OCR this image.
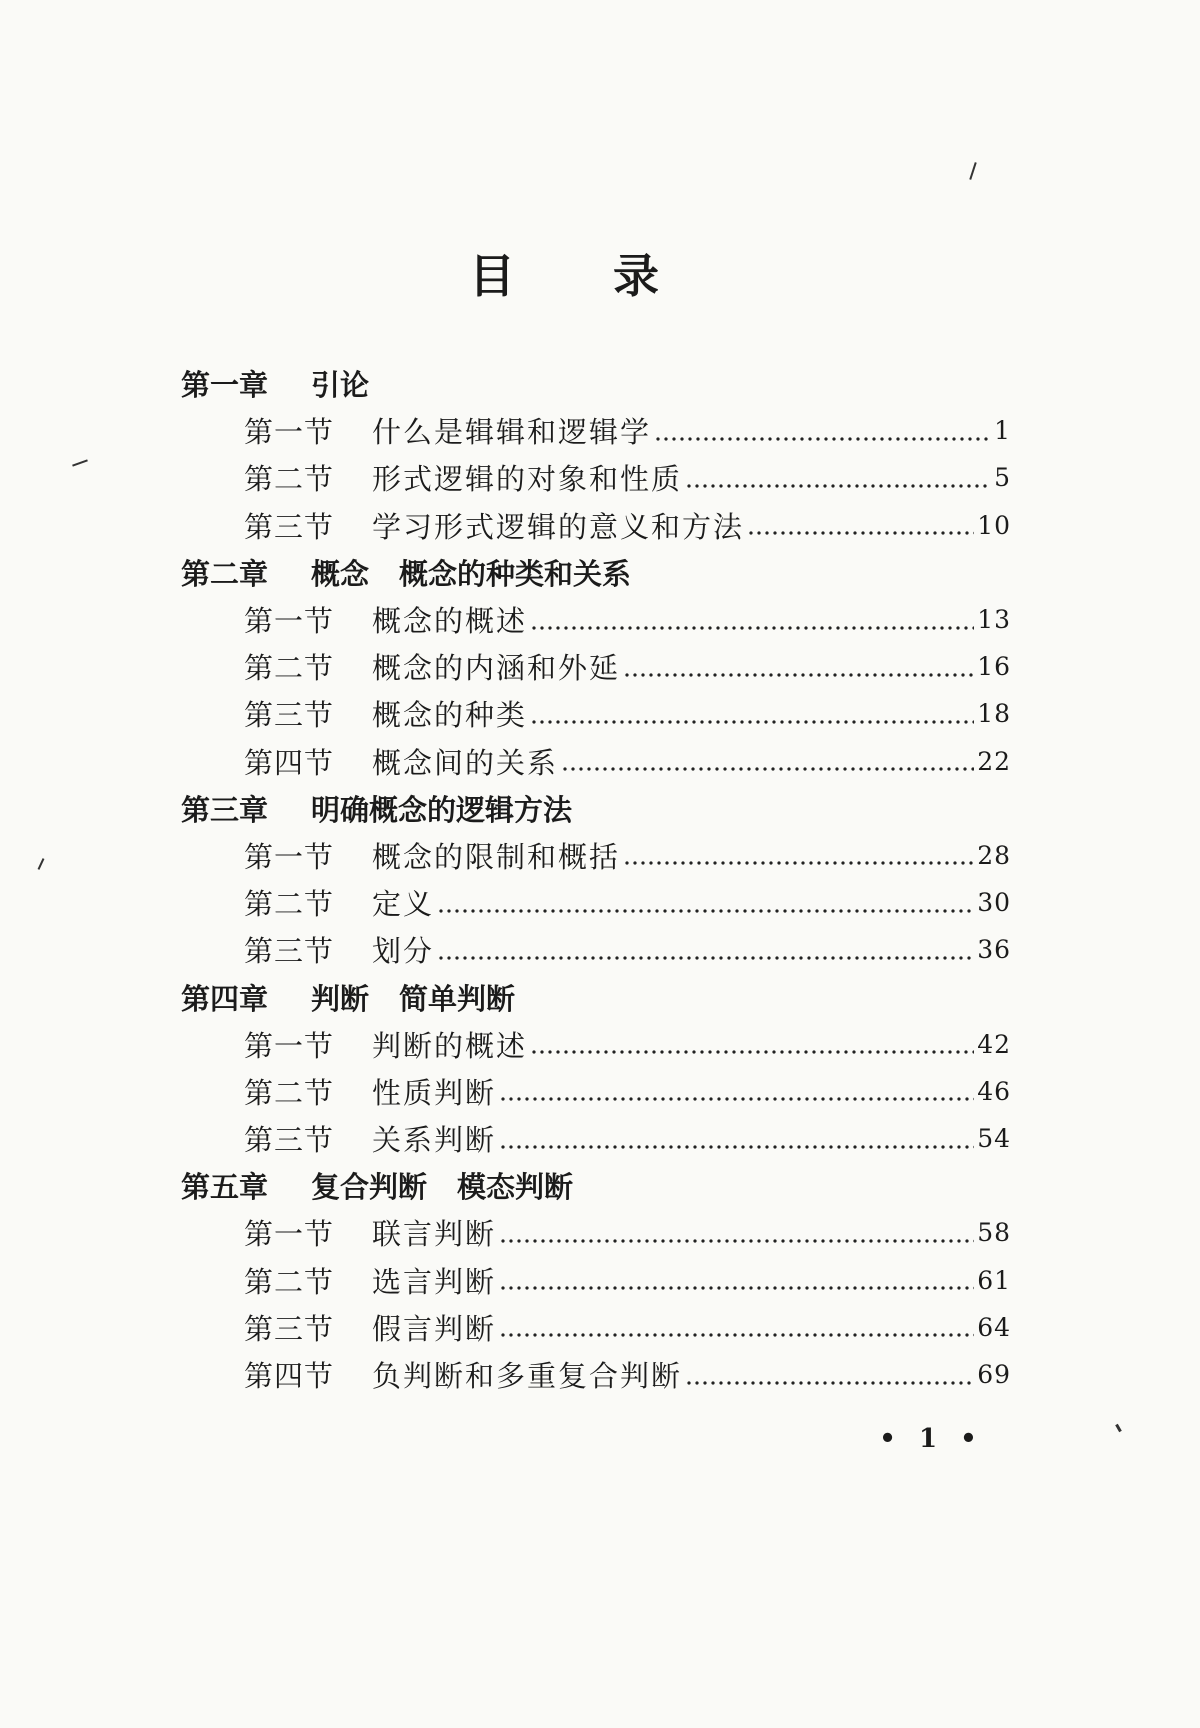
目 录
第一章	引论
第一节	什么是辑辑和逻辑学	1
第二节	形式逻辑的对象和性质	5
第三节	学习形式逻辑的意义和方法	10
第二章	概念 概念的种类和关系
第一节	概念的概述	13
第二节	概念的内涵和外延	16
第三节	概念的种类	18
第四节	概念间的关系	22
第三章	明确概念的逻辑方法
第一节	概念的限制和概括	28
第二节	定义	30
第三节	划分	36
第四章	判断 简单判断
第一节	判断的概述	42
第二节	性质判断	46
第三节	关系判断	54
第五章	复合判断 模态判断
第一节	联言判断	58
第二节	选言判断	61
第三节	假言判断	64
第四节	负判断和多重复合判断	69
• 1 •
